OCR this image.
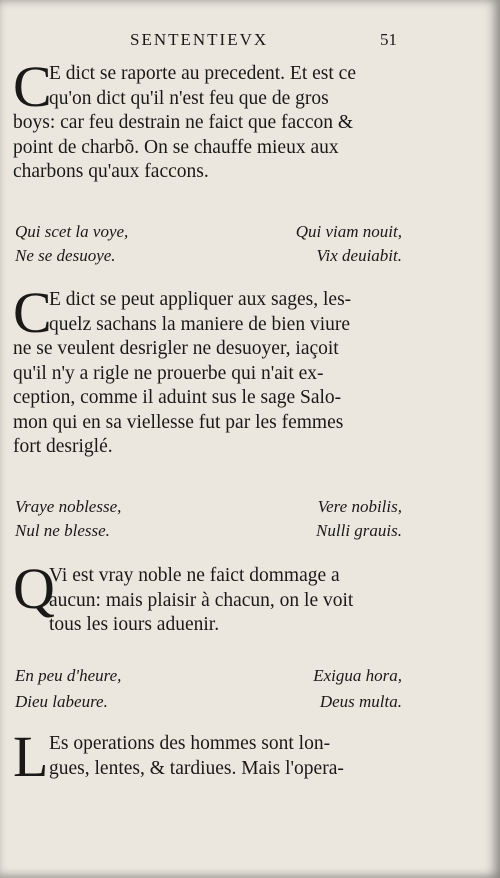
SENTENTIEVX	51
C
E dict se raporte au precedent. Et est ce
qu'on dict qu'il n'est feu que de gros
boys: car feu destrain ne faict que faccon &
point de charbõ. On se chauffe mieux aux
charbons qu'aux faccons.
Qui scet la voye,
Ne se desuoye.
Qui viam nouit,
Vix deuiabit.
C
E dict se peut appliquer aux sages, les-
quelz sachans la maniere de bien viure
ne se veulent desrigler ne desuoyer, iaçoit
qu'il n'y a rigle ne prouerbe qui n'ait ex-
ception, comme il aduint sus le sage Salo-
mon qui en sa viellesse fut par les femmes
fort desriglé.
Vraye noblesse,
Nul ne blesse.
Vere nobilis,
Nulli grauis.
Q
Vi est vray noble ne faict dommage a
aucun: mais plaisir à chacun, on le voit
tous les iours aduenir.
En peu d'heure,
Dieu labeure.
Exigua hora,
Deus multa.
L Es operations des hommes sont lon-
gues, lentes, & tardiues. Mais l'opera-
